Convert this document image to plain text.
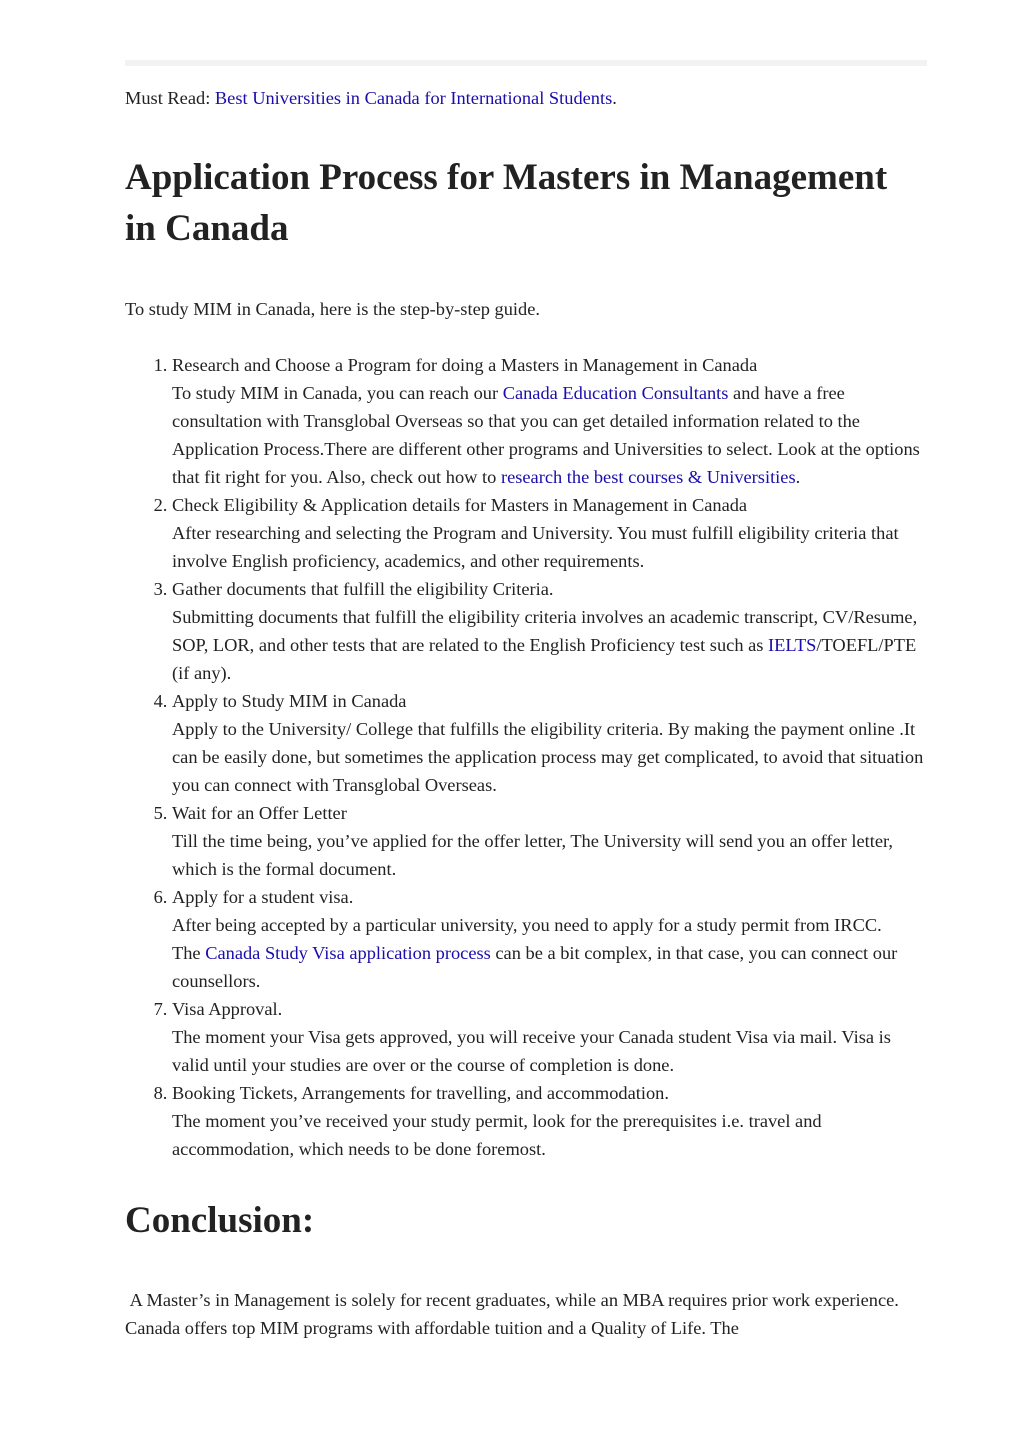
Must Read: Best Universities in Canada for International Students.

Application Process for Masters in Management in Canada

To study MIM in Canada, here is the step-by-step guide.

1. Research and Choose a Program for doing a Masters in Management in Canada
To study MIM in Canada, you can reach our Canada Education Consultants and have a free consultation with Transglobal Overseas so that you can get detailed information related to the Application Process.There are different other programs and Universities to select. Look at the options that fit right for you. Also, check out how to research the best courses & Universities.
2. Check Eligibility & Application details for Masters in Management in Canada
After researching and selecting the Program and University. You must fulfill eligibility criteria that involve English proficiency, academics, and other requirements.
3. Gather documents that fulfill the eligibility Criteria.
Submitting documents that fulfill the eligibility criteria involves an academic transcript, CV/Resume, SOP, LOR, and other tests that are related to the English Proficiency test such as IELTS/TOEFL/PTE (if any).
4. Apply to Study MIM in Canada
Apply to the University/ College that fulfills the eligibility criteria. By making the payment online .It can be easily done, but sometimes the application process may get complicated, to avoid that situation you can connect with Transglobal Overseas.
5. Wait for an Offer Letter
Till the time being, you’ve applied for the offer letter, The University will send you an offer letter, which is the formal document.
6. Apply for a student visa.
After being accepted by a particular university, you need to apply for a study permit from IRCC.
The Canada Study Visa application process can be a bit complex, in that case, you can connect our counsellors.
7. Visa Approval.
The moment your Visa gets approved, you will receive your Canada student Visa via mail. Visa is valid until your studies are over or the course of completion is done.
8. Booking Tickets, Arrangements for travelling, and accommodation.
The moment you’ve received your study permit, look for the prerequisites i.e. travel and accommodation, which needs to be done foremost.
Conclusion:

A Master’s in Management is solely for recent graduates, while an MBA requires prior work experience. Canada offers top MIM programs with affordable tuition and a Quality of Life. The
